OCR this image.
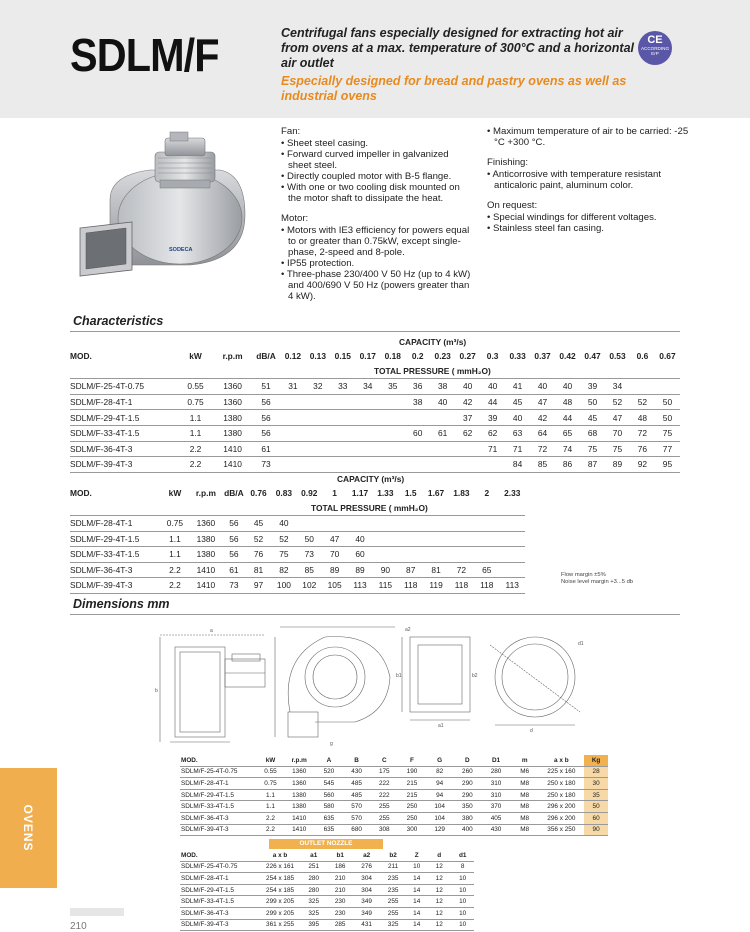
SDLM/F	Centrifugal fans especially designed for extracting hot air from ovens at a max. temperature of 300°C and a horizontal air outlet
Especially designed for bread and pastry ovens as well as industrial ovens
CE
ACCORDING
ErP
SODECA
Fan:
• Sheet steel casing.
• Forward curved impeller in galvanized sheet steel.
• Directly coupled motor with B-5 flange.
• With one or two cooling disk mounted on the motor shaft to dissipate the heat.
Motor:
• Motors with IE3 efficiency for powers equal to or greater than 0.75kW, except single-phase, 2-speed and 8-pole.
• IP55 protection.
• Three-phase 230/400 V 50 Hz (up to 4 kW) and 400/690 V 50 Hz (powers greater than 4 kW).
• Maximum temperature of air to be carried: -25 °C +300 °C.
Finishing:
• Anticorrosive with temperature resistant anticaloric paint, aluminum color.
On request:
• Special windings for different voltages.
• Stainless steel fan casing.
Characteristics
CAPACITY (m³/s)
TOTAL PRESSURE ( mmH₂O)
MOD.	kW	r.p.m	dB/A	0.12	0.13	0.15	0.17	0.18	0.2	0.23	0.27	0.3	0.33	0.37	0.42	0.47	0.53	0.6	0.67

SDLM/F-25-4T-0.75	0.55	1360	51	31	32	33	34	35	36	38	40	40	41	40	40	39	34		
SDLM/F-28-4T-1	0.75	1360	56						38	40	42	44	45	47	48	50	52	52	50
SDLM/F-29-4T-1.5	1.1	1380	56								37	39	40	42	44	45	47	48	50
SDLM/F-33-4T-1.5	1.1	1380	56						60	61	62	62	63	64	65	68	70	72	75
SDLM/F-36-4T-3	2.2	1410	61									71	71	72	74	75	75	76	77
SDLM/F-39-4T-3	2.2	1410	73										84	85	86	87	89	92	95
CAPACITY (m³/s)
TOTAL PRESSURE ( mmH₂O)
MOD.	kW	r.p.m	dB/A	0.76	0.83	0.92	1	1.17	1.33	1.5	1.67	1.83	2	2.33

SDLM/F-28-4T-1	0.75	1360	56	45	40									
SDLM/F-29-4T-1.5	1.1	1380	56	52	52	50	47	40						
SDLM/F-33-4T-1.5	1.1	1380	56	76	75	73	70	60						
SDLM/F-36-4T-3	2.2	1410	61	81	82	85	89	89	90	87	81	72	65	
SDLM/F-39-4T-3	2.2	1410	73	97	100	102	105	113	115	118	119	118	118	113
Flow margin ±5%
Noise level margin +3...5 db
Dimensions mm
a
b
a1
b1
a2
b2
d
d1
g
MOD.	kW	r.p.m	A	B	C	F	G	D	D1	m	a x b	Kg
SDLM/F-25-4T-0.75	0.55	1360	520	430	175	190	82	260	280	M6	225 x 160	28
SDLM/F-28-4T-1	0.75	1360	545	485	222	215	94	290	310	M8	250 x 180	30
SDLM/F-29-4T-1.5	1.1	1380	560	485	222	215	94	290	310	M8	250 x 180	35
SDLM/F-33-4T-1.5	1.1	1380	580	570	255	250	104	350	370	M8	296 x 200	50
SDLM/F-36-4T-3	2.2	1410	635	570	255	250	104	380	405	M8	296 x 200	60
SDLM/F-39-4T-3	2.2	1410	635	680	308	300	129	400	430	M8	356 x 250	90
OUTLET NOZZLE
MOD.	a x b	a1	b1	a2	b2	Z	d	d1
SDLM/F-25-4T-0.75	226 x 161	251	186	276	211	10	12	8
SDLM/F-28-4T-1	254 x 185	280	210	304	235	14	12	10
SDLM/F-29-4T-1.5	254 x 185	280	210	304	235	14	12	10
SDLM/F-33-4T-1.5	299 x 205	325	230	349	255	14	12	10
SDLM/F-36-4T-3	299 x 205	325	230	349	255	14	12	10
SDLM/F-39-4T-3	361 x 255	395	285	431	325	14	12	10
OVENS
210
